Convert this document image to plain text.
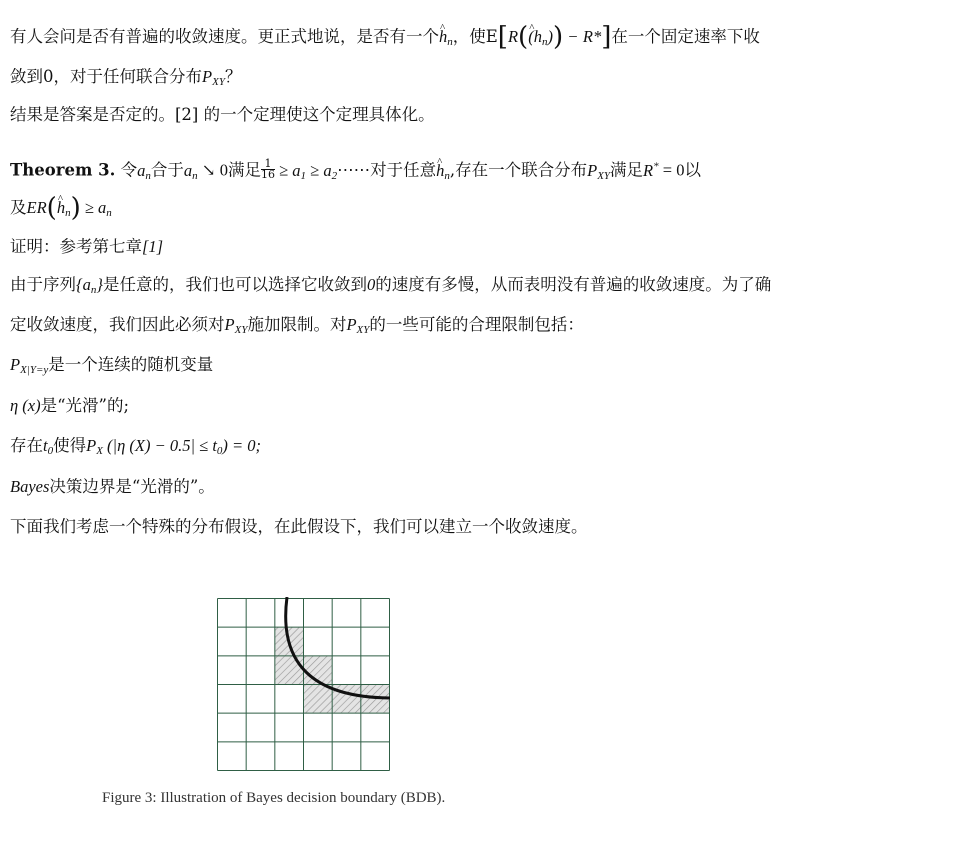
有人会问是否有普遍的收敛速度。更正式地说，是否有一个^ $h_n$，使E[R(^ $(h_n)) - R*$]在一个固定速率下收
敛到0，对于任何联合分布$P_{XY}$？
结果是答案是否定的。[2] 的一个定理使这个定理具体化。
Theorem 3. 令$a_n$合于$a_n$ ↘ 0满足 $\frac{1}{16} \ge a_1$ ≥ $a_2\cdots\cdots$对于任意^ $h_n$,存在一个联合分布$P_{XY}$满足R* = 0以
及ER(^ $h_n) \ge a_n$
证明：参考第七章[1]
由于序列$\{a_n\}$是任意的，我们也可以选择它收敛到0的速度有多慢，从而表明没有普遍的收敛速度。为了确
定收敛速度，我们因此必须对$P_{XY}$施加限制。对$P_{XY}$的一些可能的合理限制包括：
$P_{X|Y=y}$是一个连续的随机变量
η (x)是“光滑”的;
存在$t_0$使得$P_X$ (|η $(X) - 0.5| \le t_0) = 0$;
Bayes决策边界是“光滑的”。
下面我们考虑一个特殊的分布假设，在此假设下，我们可以建立一个收敛速度。
Figure 3: Illustration of Bayes decision boundary (BDB).
